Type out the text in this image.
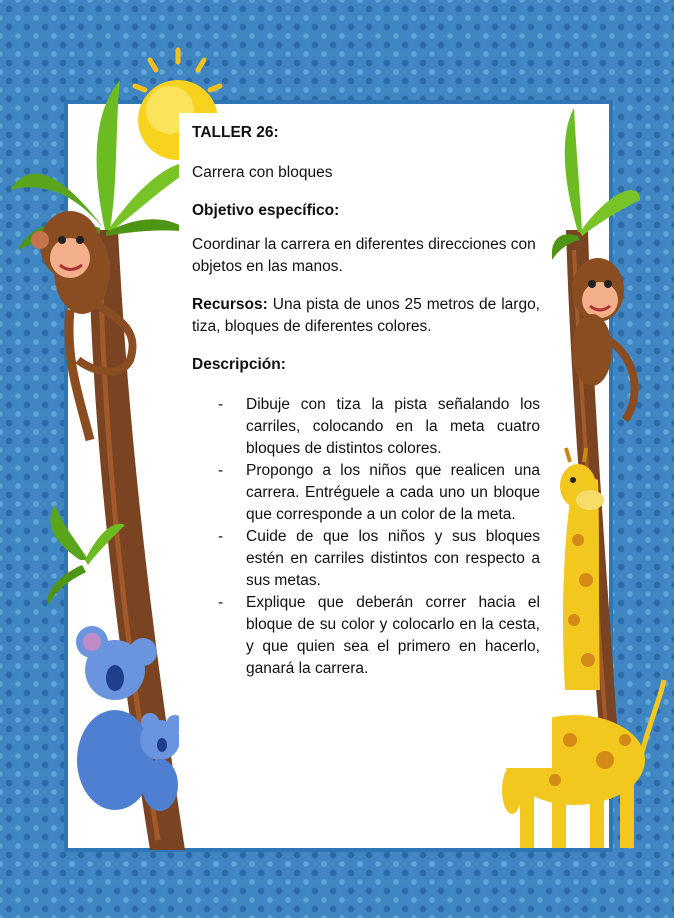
TALLER 26:

Carrera con bloques

Objetivo específico:

Coordinar la carrera en diferentes direcciones con objetos en las manos.

Recursos: Una pista de unos 25 metros de largo, tiza, bloques de diferentes colores.

Descripción:

- Dibuje con tiza la pista señalando los carriles, colocando en la meta cuatro bloques de distintos colores.
- Propongo a los niños que realicen una carrera. Entréguele a cada uno un bloque que corresponde a un color de la meta.
- Cuide de que los niños y sus bloques estén en carriles distintos con respecto a sus metas.
- Explique que deberán correr hacia el bloque de su color y colocarlo en la cesta, y que quien sea el primero en hacerlo, ganará la carrera.
